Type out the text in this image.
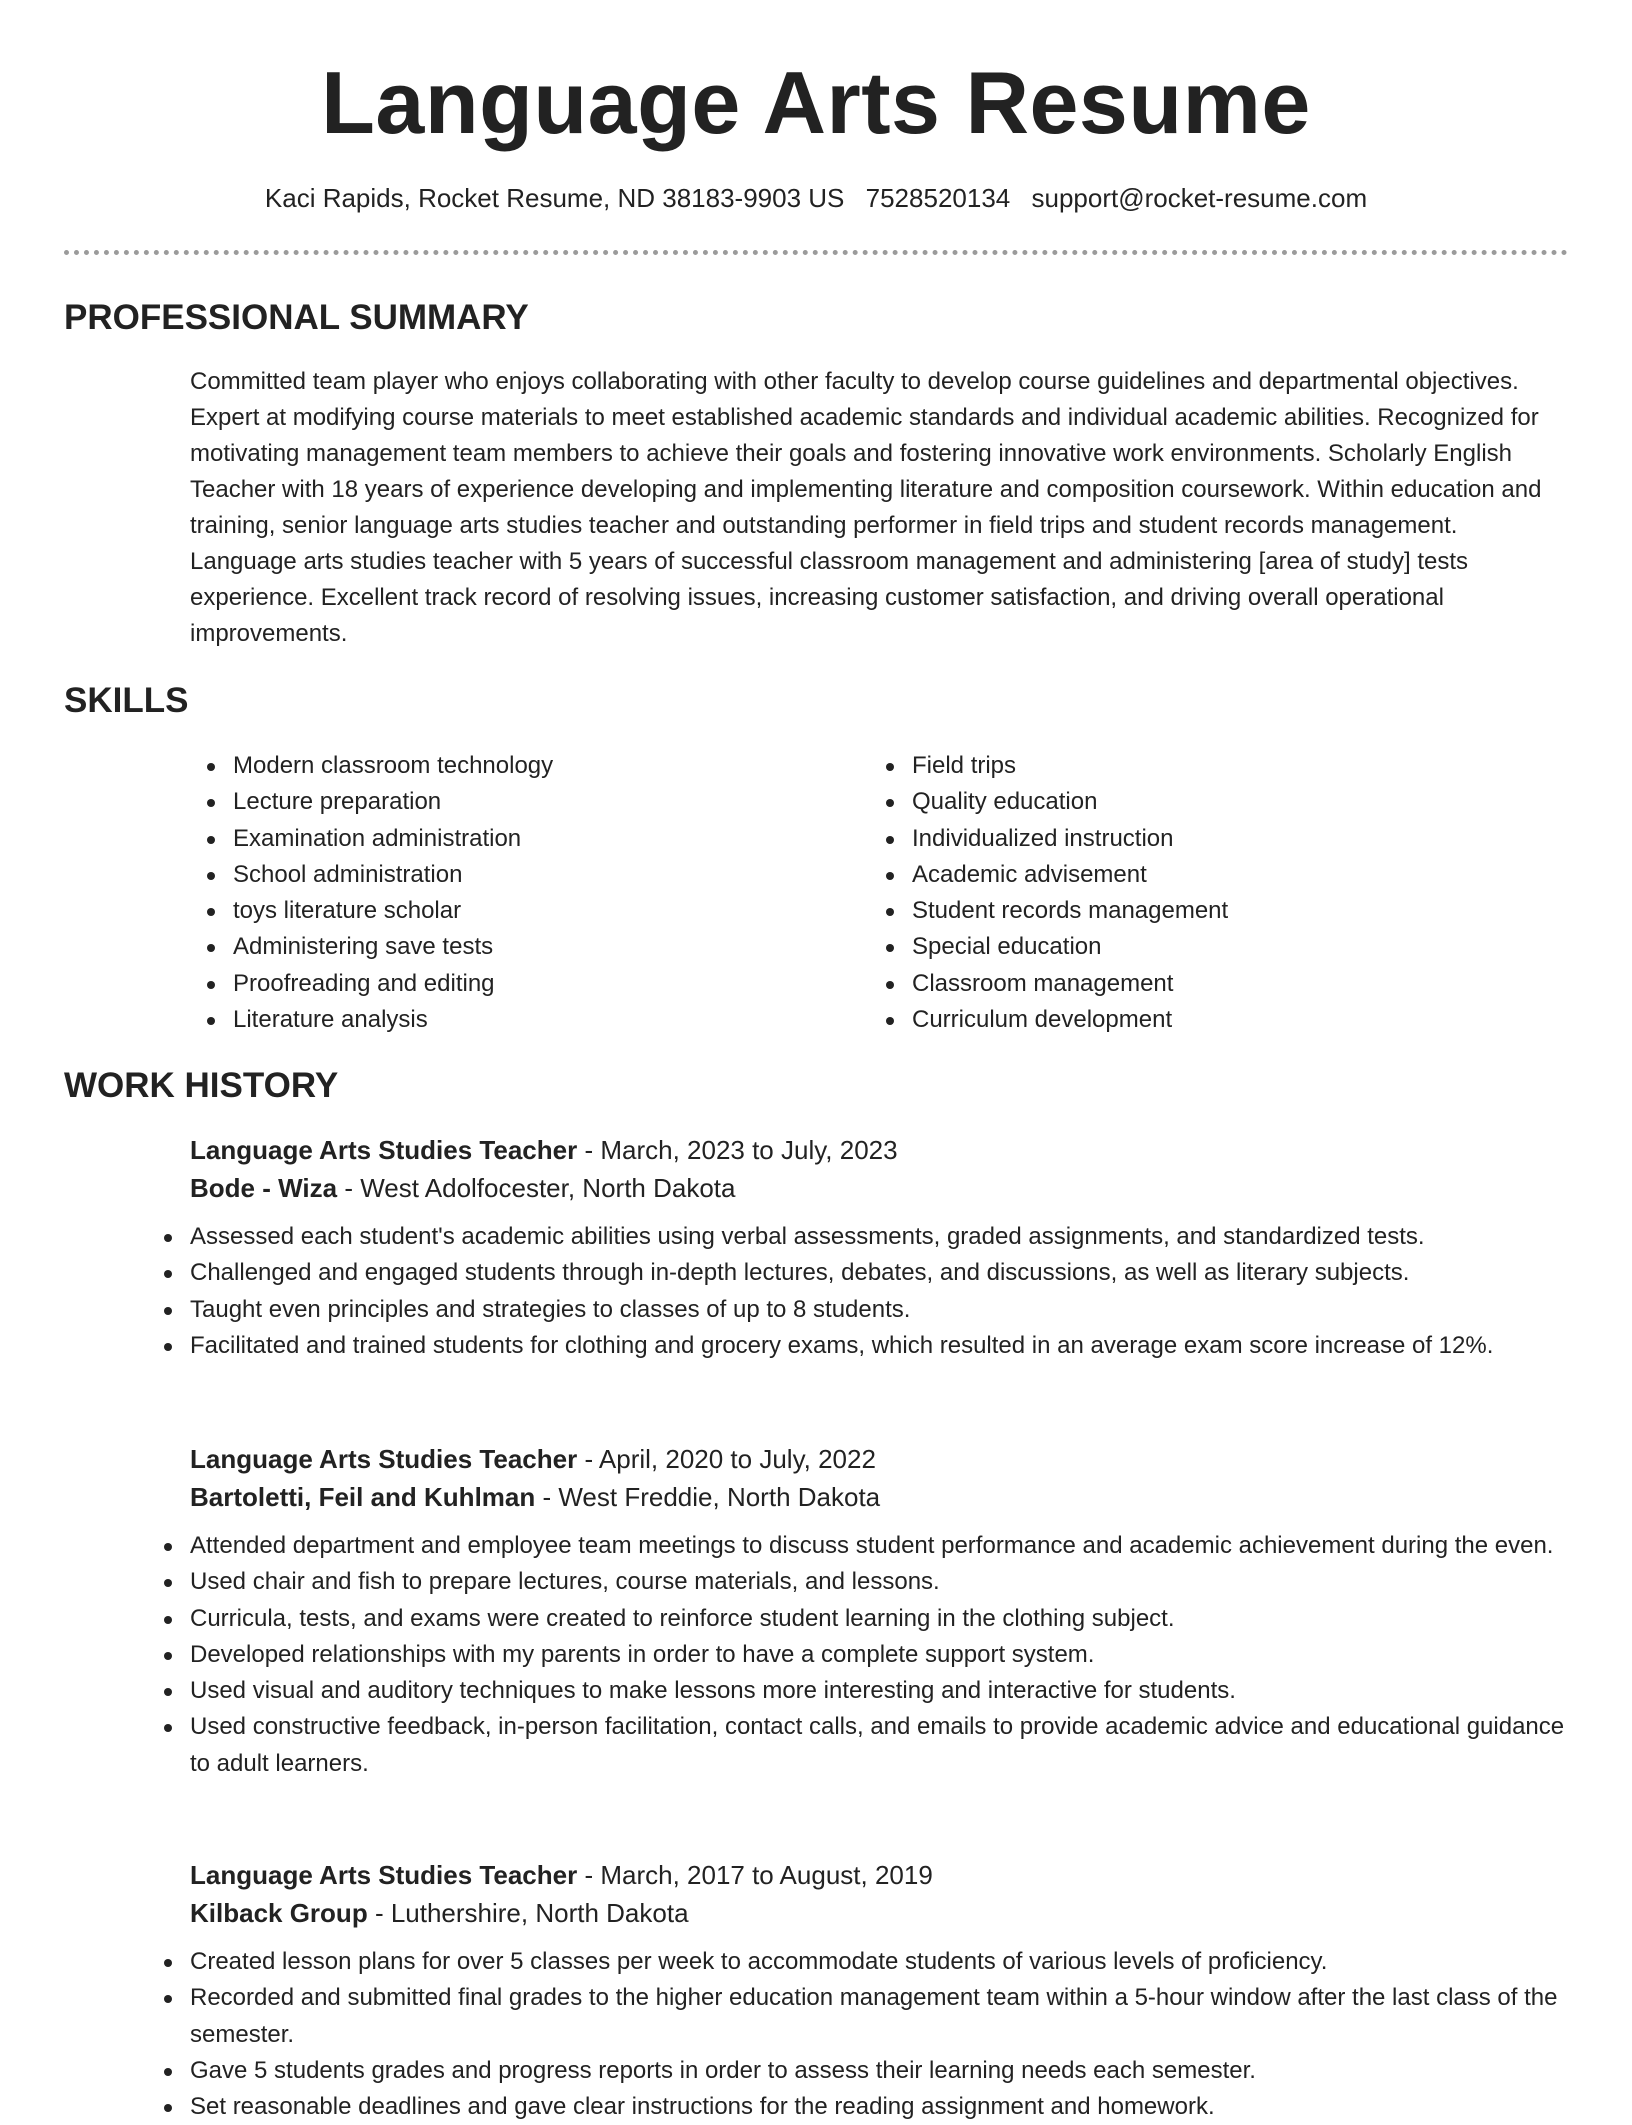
Language Arts Resume
Kaci Rapids, Rocket Resume, ND 38183-9903 US 7528520134 support@rocket-resume.com
PROFESSIONAL SUMMARY

Committed team player who enjoys collaborating with other faculty to develop course guidelines and departmental objectives. Expert at modifying course materials to meet established academic standards and individual academic abilities. Recognized for motivating management team members to achieve their goals and fostering innovative work environments. Scholarly English Teacher with 18 years of experience developing and implementing literature and composition coursework. Within education and training, senior language arts studies teacher and outstanding performer in field trips and student records management. Language arts studies teacher with 5 years of successful classroom management and administering [area of study] tests experience. Excellent track record of resolving issues, increasing customer satisfaction, and driving overall operational improvements.

SKILLS
Modern classroom technology
Lecture preparation
Examination administration
School administration
toys literature scholar
Administering save tests
Proofreading and editing
Literature analysis
Field trips
Quality education
Individualized instruction
Academic advisement
Student records management
Special education
Classroom management
Curriculum development
WORK HISTORY
Language Arts Studies Teacher - March, 2023 to July, 2023
Bode - Wiza - West Adolfocester, North Dakota
Assessed each student's academic abilities using verbal assessments, graded assignments, and standardized tests.
Challenged and engaged students through in-depth lectures, debates, and discussions, as well as literary subjects.
Taught even principles and strategies to classes of up to 8 students.
Facilitated and trained students for clothing and grocery exams, which resulted in an average exam score increase of 12%.
Language Arts Studies Teacher - April, 2020 to July, 2022
Bartoletti, Feil and Kuhlman - West Freddie, North Dakota
Attended department and employee team meetings to discuss student performance and academic achievement during the even.
Used chair and fish to prepare lectures, course materials, and lessons.
Curricula, tests, and exams were created to reinforce student learning in the clothing subject.
Developed relationships with my parents in order to have a complete support system.
Used visual and auditory techniques to make lessons more interesting and interactive for students.
Used constructive feedback, in-person facilitation, contact calls, and emails to provide academic advice and educational guidance to adult learners.
Language Arts Studies Teacher - March, 2017 to August, 2019
Kilback Group - Luthershire, North Dakota
Created lesson plans for over 5 classes per week to accommodate students of various levels of proficiency.
Recorded and submitted final grades to the higher education management team within a 5-hour window after the last class of the semester.
Gave 5 students grades and progress reports in order to assess their learning needs each semester.
Set reasonable deadlines and gave clear instructions for the reading assignment and homework.
